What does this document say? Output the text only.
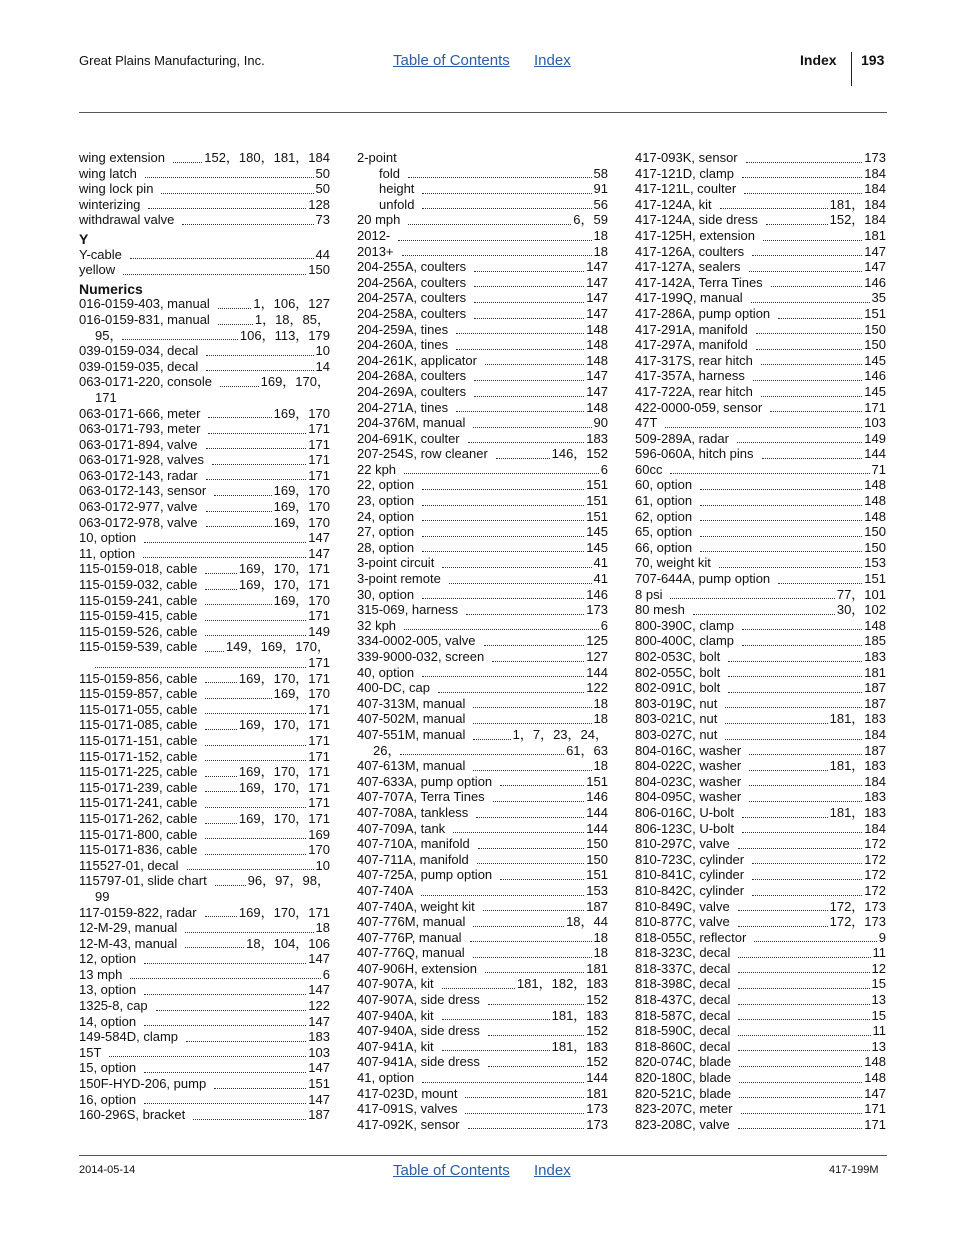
Great Plains Manufacturing, Inc.	Table of Contents Index	Index 193
wing extension	152，180，181，184
wing latch	50
wing lock pin	50
winterizing	128
withdrawal valve	73
Y
Y-cable	44
yellow	150
Numerics
016-0159-403, manual	1，106，127
016-0159-831, manual	1，18，85，
95，	106，113，179
039-0159-034, decal	10
039-0159-035, decal	14
063-0171-220, console	169，170，
171
063-0171-666, meter	169，170
063-0171-793, meter	171
063-0171-894, valve	171
063-0171-928, valves	171
063-0172-143, radar	171
063-0172-143, sensor	169，170
063-0172-977, valve	169，170
063-0172-978, valve	169，170
10, option	147
11, option	147
115-0159-018, cable	169，170，171
115-0159-032, cable	169，170，171
115-0159-241, cable	169，170
115-0159-415, cable	171
115-0159-526, cable	149
115-0159-539, cable 149，169，170，
171
115-0159-856, cable	169，170，171
115-0159-857, cable	169，170
115-0171-055, cable	171
115-0171-085, cable	169，170，171
115-0171-151, cable	171
115-0171-152, cable	171
115-0171-225, cable	169，170，171
115-0171-239, cable	169，170，171
115-0171-241, cable	171
115-0171-262, cable	169，170，171
115-0171-800, cable	169
115-0171-836, cable	170
115527-01, decal	10
115797-01, slide chart	96，97，98，
99
117-0159-822, radar	169，170，171
12-M-29, manual	18
12-M-43, manual	18，104，106
12, option	147
13 mph	6
13, option	147
1325-8, cap	122
14, option	147
149-584D, clamp	183
15T	103
15, option	147
150F-HYD-206, pump	151
16, option	147
160-296S, bracket	187
2-point
fold	58
height	91
unfold	56
20 mph	6，59
2012-	18
2013+	18
204-255A, coulters	147
204-256A, coulters	147
204-257A, coulters	147
204-258A, coulters	147
204-259A, tines	148
204-260A, tines	148
204-261K, applicator	148
204-268A, coulters	147
204-269A, coulters	147
204-271A, tines	148
204-376M, manual	90
204-691K, coulter	183
207-254S, row cleaner	146，152
22 kph	6
22, option	151
23, option	151
24, option	151
27, option	145
28, option	145
3-point circuit	41
3-point remote	41
30, option	146
315-069, harness	173
32 kph	6
334-0002-005, valve	125
339-9000-032, screen	127
40, option	144
400-DC, cap	122
407-313M, manual	18
407-502M, manual	18
407-551M, manual	1，7，23，24，
26，	61，63
407-613M, manual	18
407-633A, pump option	151
407-707A, Terra Tines	146
407-708A, tankless	144
407-709A, tank	144
407-710A, manifold	150
407-711A, manifold	150
407-725A, pump option	151
407-740A	153
407-740A, weight kit	187
407-776M, manual	18，44
407-776P, manual	18
407-776Q, manual	18
407-906H, extension	181
407-907A, kit	181，182，183
407-907A, side dress	152
407-940A, kit	181，183
407-940A, side dress	152
407-941A, kit	181，183
407-941A, side dress	152
41, option	144
417-023D, mount	181
417-091S, valves	173
417-092K, sensor	173
417-093K, sensor	173
417-121D, clamp	184
417-121L, coulter	184
417-124A, kit	181，184
417-124A, side dress	152，184
417-125H, extension	181
417-126A, coulters	147
417-127A, sealers	147
417-142A, Terra Tines	146
417-199Q, manual	35
417-286A, pump option	151
417-291A, manifold	150
417-297A, manifold	150
417-317S, rear hitch	145
417-357A, harness	146
417-722A, rear hitch	145
422-0000-059, sensor	171
47T	103
509-289A, radar	149
596-060A, hitch pins	144
60cc	71
60, option	148
61, option	148
62, option	148
65, option	150
66, option	150
70, weight kit	153
707-644A, pump option	151
8 psi	77，101
80 mesh	30，102
800-390C, clamp	148
800-400C, clamp	185
802-053C, bolt	183
802-055C, bolt	181
802-091C, bolt	187
803-019C, nut	187
803-021C, nut	181，183
803-027C, nut	184
804-016C, washer	187
804-022C, washer	181，183
804-023C, washer	184
804-095C, washer	183
806-016C, U-bolt	181，183
806-123C, U-bolt	184
810-297C, valve	172
810-723C, cylinder	172
810-841C, cylinder	172
810-842C, cylinder	172
810-849C, valve	172，173
810-877C, valve	172，173
818-055C, reflector	9
818-323C, decal	11
818-337C, decal	12
818-398C, decal	15
818-437C, decal	13
818-587C, decal	15
818-590C, decal	11
818-860C, decal	13
820-074C, blade	148
820-180C, blade	148
820-521C, blade	147
823-207C, meter	171
823-208C, valve	171
2014-05-14	Table of Contents Index	417-199M
